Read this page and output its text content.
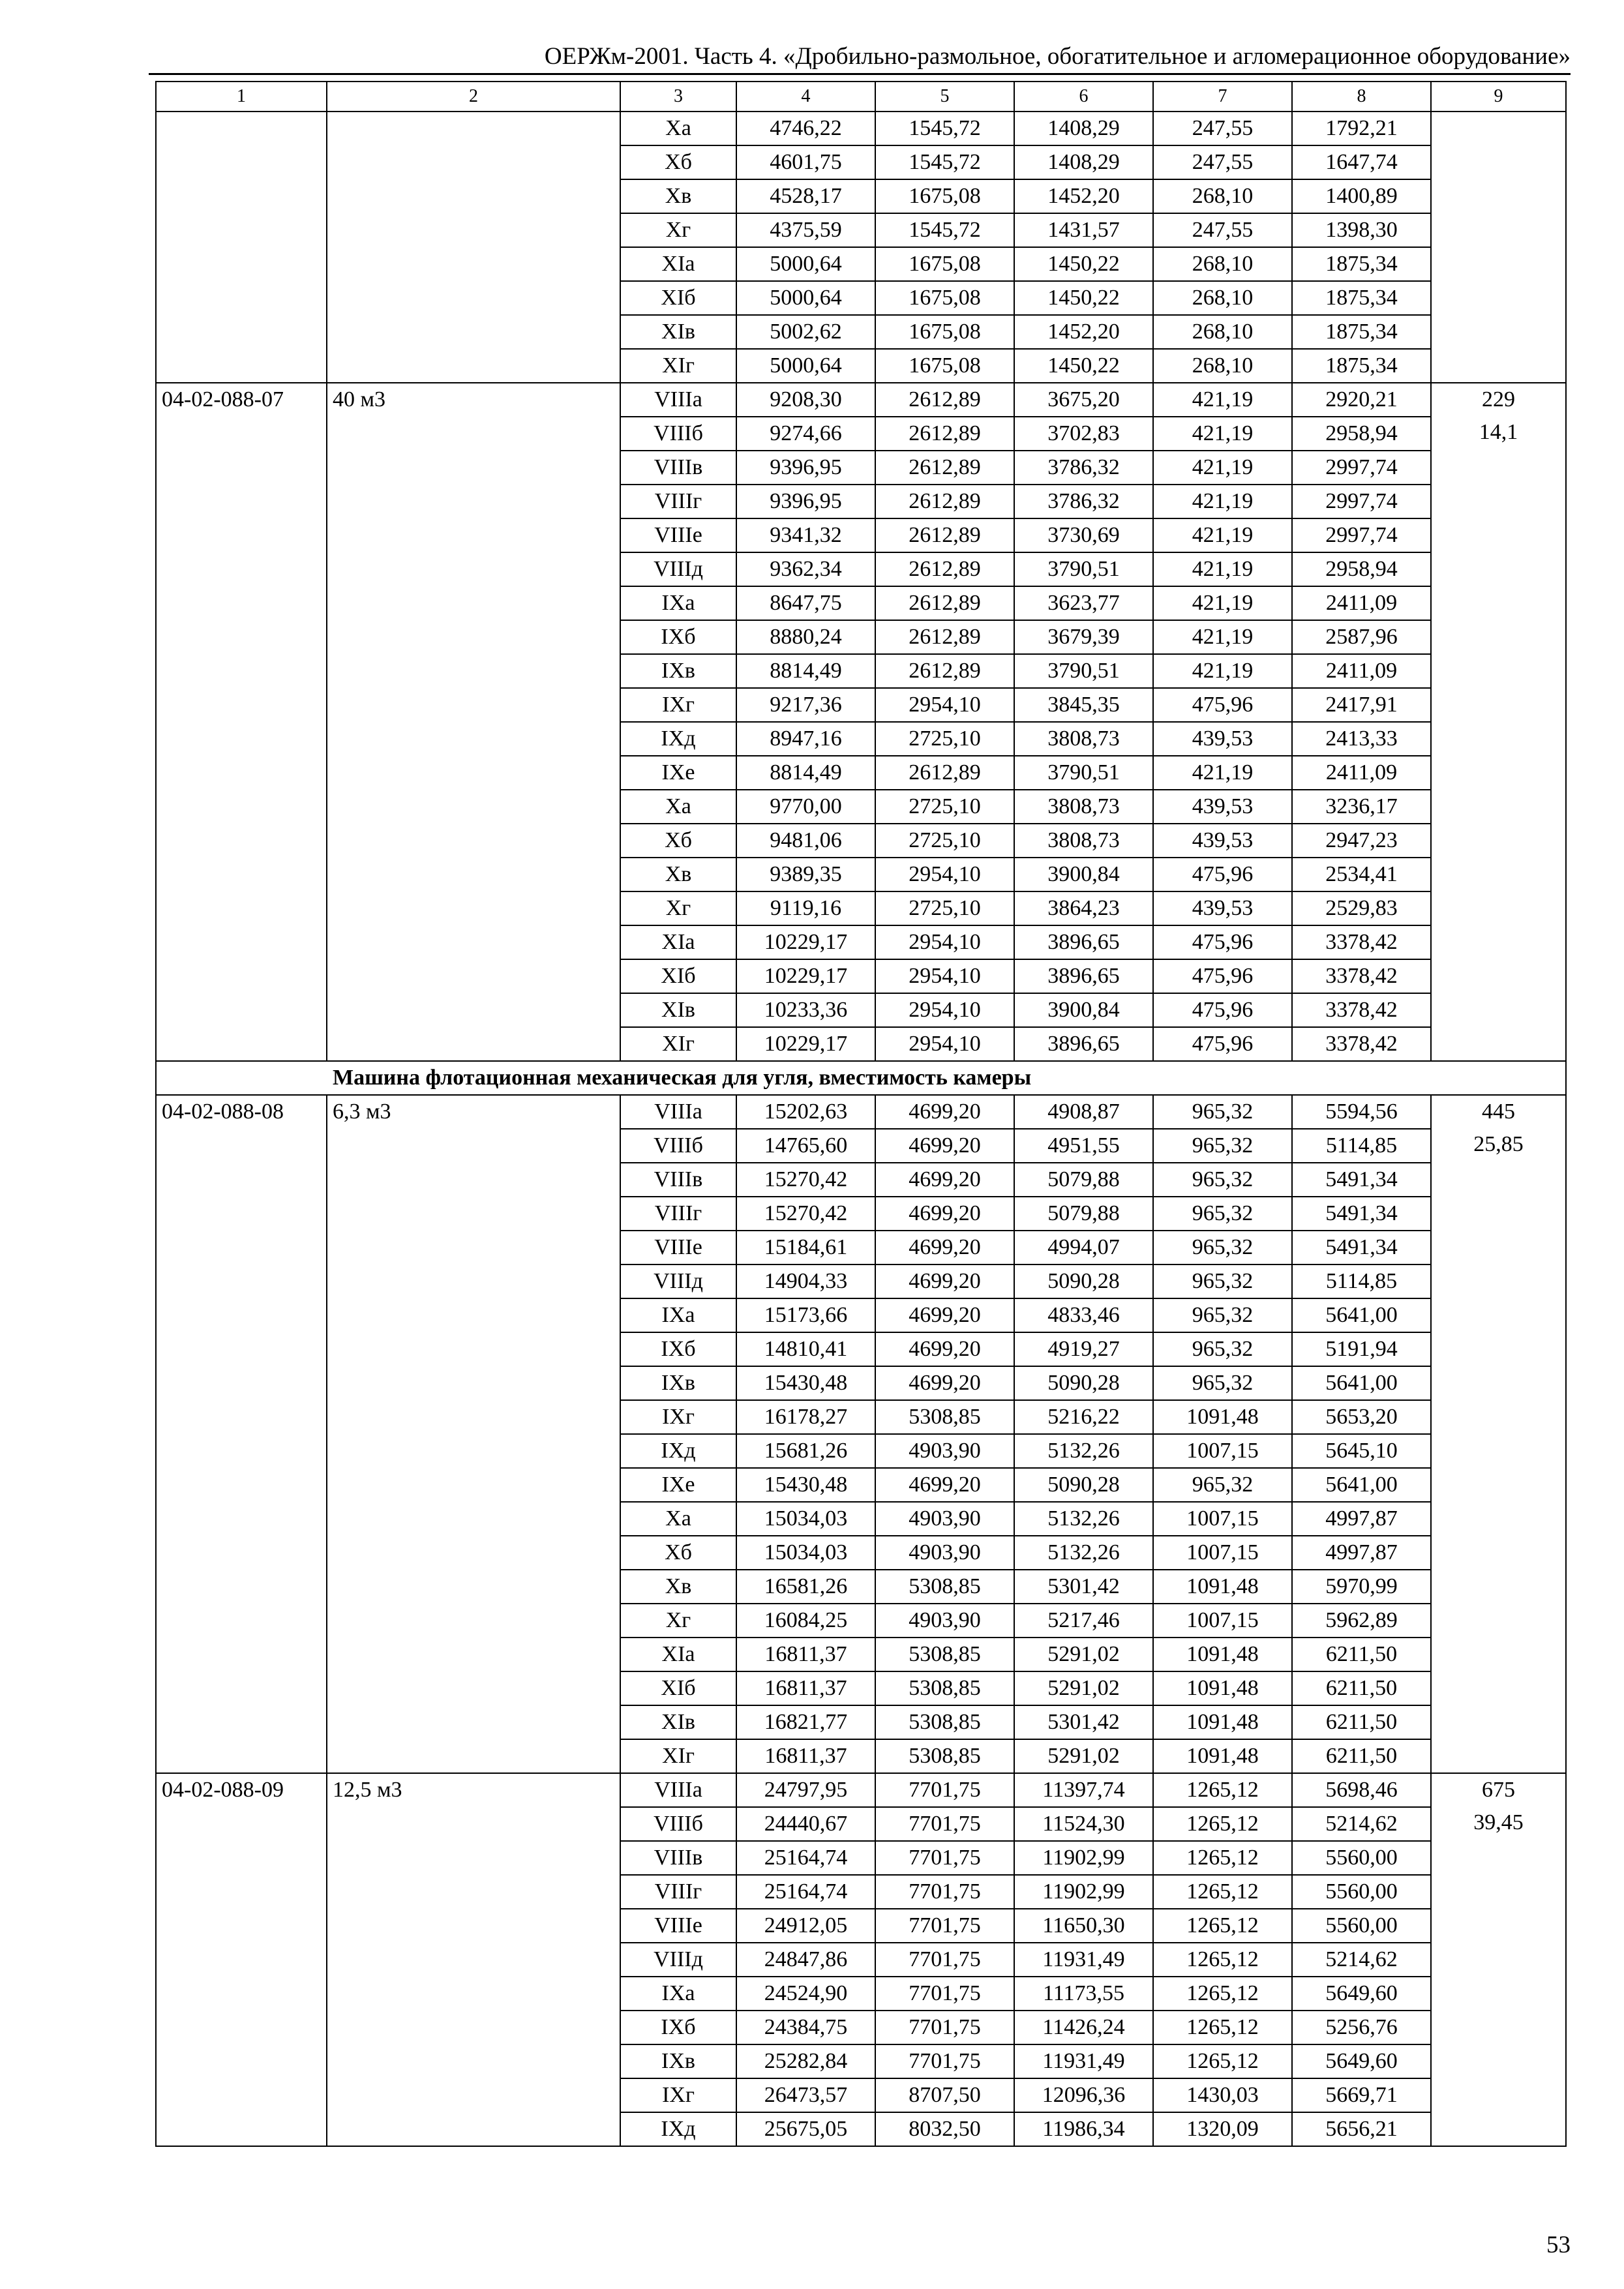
ОЕРЖм-2001. Часть 4. «Дробильно-размольное, обогатительное и агломерационное оборудование»
1	2	3	4	5	6	7	8	9
		Xa	4746,22	1545,72	1408,29	247,55	1792,21	
		Xб	4601,75	1545,72	1408,29	247,55	1647,74	
		Xв	4528,17	1675,08	1452,20	268,10	1400,89	
		Xг	4375,59	1545,72	1431,57	247,55	1398,30	
		XIa	5000,64	1675,08	1450,22	268,10	1875,34	
		XIб	5000,64	1675,08	1450,22	268,10	1875,34	
		XIв	5002,62	1675,08	1452,20	268,10	1875,34	
		XIг	5000,64	1675,08	1450,22	268,10	1875,34	
04-02-088-07	40 м3	VIIIa	9208,30	2612,89	3675,20	421,19	2920,21	229
14,1

		VIIIб	9274,66	2612,89	3702,83	421,19	2958,94	
		VIIIв	9396,95	2612,89	3786,32	421,19	2997,74	
		VIIIг	9396,95	2612,89	3786,32	421,19	2997,74	
		VIIIе	9341,32	2612,89	3730,69	421,19	2997,74	
		VIIIд	9362,34	2612,89	3790,51	421,19	2958,94	
		IXa	8647,75	2612,89	3623,77	421,19	2411,09	
		IXб	8880,24	2612,89	3679,39	421,19	2587,96	
		IXв	8814,49	2612,89	3790,51	421,19	2411,09	
		IXг	9217,36	2954,10	3845,35	475,96	2417,91	
		IXд	8947,16	2725,10	3808,73	439,53	2413,33	
		IXе	8814,49	2612,89	3790,51	421,19	2411,09	
		Xa	9770,00	2725,10	3808,73	439,53	3236,17	
		Xб	9481,06	2725,10	3808,73	439,53	2947,23	
		Xв	9389,35	2954,10	3900,84	475,96	2534,41	
		Xг	9119,16	2725,10	3864,23	439,53	2529,83	
		XIa	10229,17	2954,10	3896,65	475,96	3378,42	
		XIб	10229,17	2954,10	3896,65	475,96	3378,42	
		XIв	10233,36	2954,10	3900,84	475,96	3378,42	
		XIг	10229,17	2954,10	3896,65	475,96	3378,42	
Машина флотационная механическая для угля, вместимость камеры								
04-02-088-08	6,3 м3	VIIIa	15202,63	4699,20	4908,87	965,32	5594,56	445
25,85

		VIIIб	14765,60	4699,20	4951,55	965,32	5114,85	
		VIIIв	15270,42	4699,20	5079,88	965,32	5491,34	
		VIIIг	15270,42	4699,20	5079,88	965,32	5491,34	
		VIIIе	15184,61	4699,20	4994,07	965,32	5491,34	
		VIIIд	14904,33	4699,20	5090,28	965,32	5114,85	
		IXa	15173,66	4699,20	4833,46	965,32	5641,00	
		IXб	14810,41	4699,20	4919,27	965,32	5191,94	
		IXв	15430,48	4699,20	5090,28	965,32	5641,00	
		IXг	16178,27	5308,85	5216,22	1091,48	5653,20	
		IXд	15681,26	4903,90	5132,26	1007,15	5645,10	
		IXе	15430,48	4699,20	5090,28	965,32	5641,00	
		Xa	15034,03	4903,90	5132,26	1007,15	4997,87	
		Xб	15034,03	4903,90	5132,26	1007,15	4997,87	
		Xв	16581,26	5308,85	5301,42	1091,48	5970,99	
		Xг	16084,25	4903,90	5217,46	1007,15	5962,89	
		XIa	16811,37	5308,85	5291,02	1091,48	6211,50	
		XIб	16811,37	5308,85	5291,02	1091,48	6211,50	
		XIв	16821,77	5308,85	5301,42	1091,48	6211,50	
		XIг	16811,37	5308,85	5291,02	1091,48	6211,50	
04-02-088-09	12,5 м3	VIIIa	24797,95	7701,75	11397,74	1265,12	5698,46	675
39,45

		VIIIб	24440,67	7701,75	11524,30	1265,12	5214,62	
		VIIIв	25164,74	7701,75	11902,99	1265,12	5560,00	
		VIIIг	25164,74	7701,75	11902,99	1265,12	5560,00	
		VIIIе	24912,05	7701,75	11650,30	1265,12	5560,00	
		VIIIд	24847,86	7701,75	11931,49	1265,12	5214,62	
		IXa	24524,90	7701,75	11173,55	1265,12	5649,60	
		IXб	24384,75	7701,75	11426,24	1265,12	5256,76	
		IXв	25282,84	7701,75	11931,49	1265,12	5649,60	
		IXг	26473,57	8707,50	12096,36	1430,03	5669,71	
		IXд	25675,05	8032,50	11986,34	1320,09	5656,21	
53
